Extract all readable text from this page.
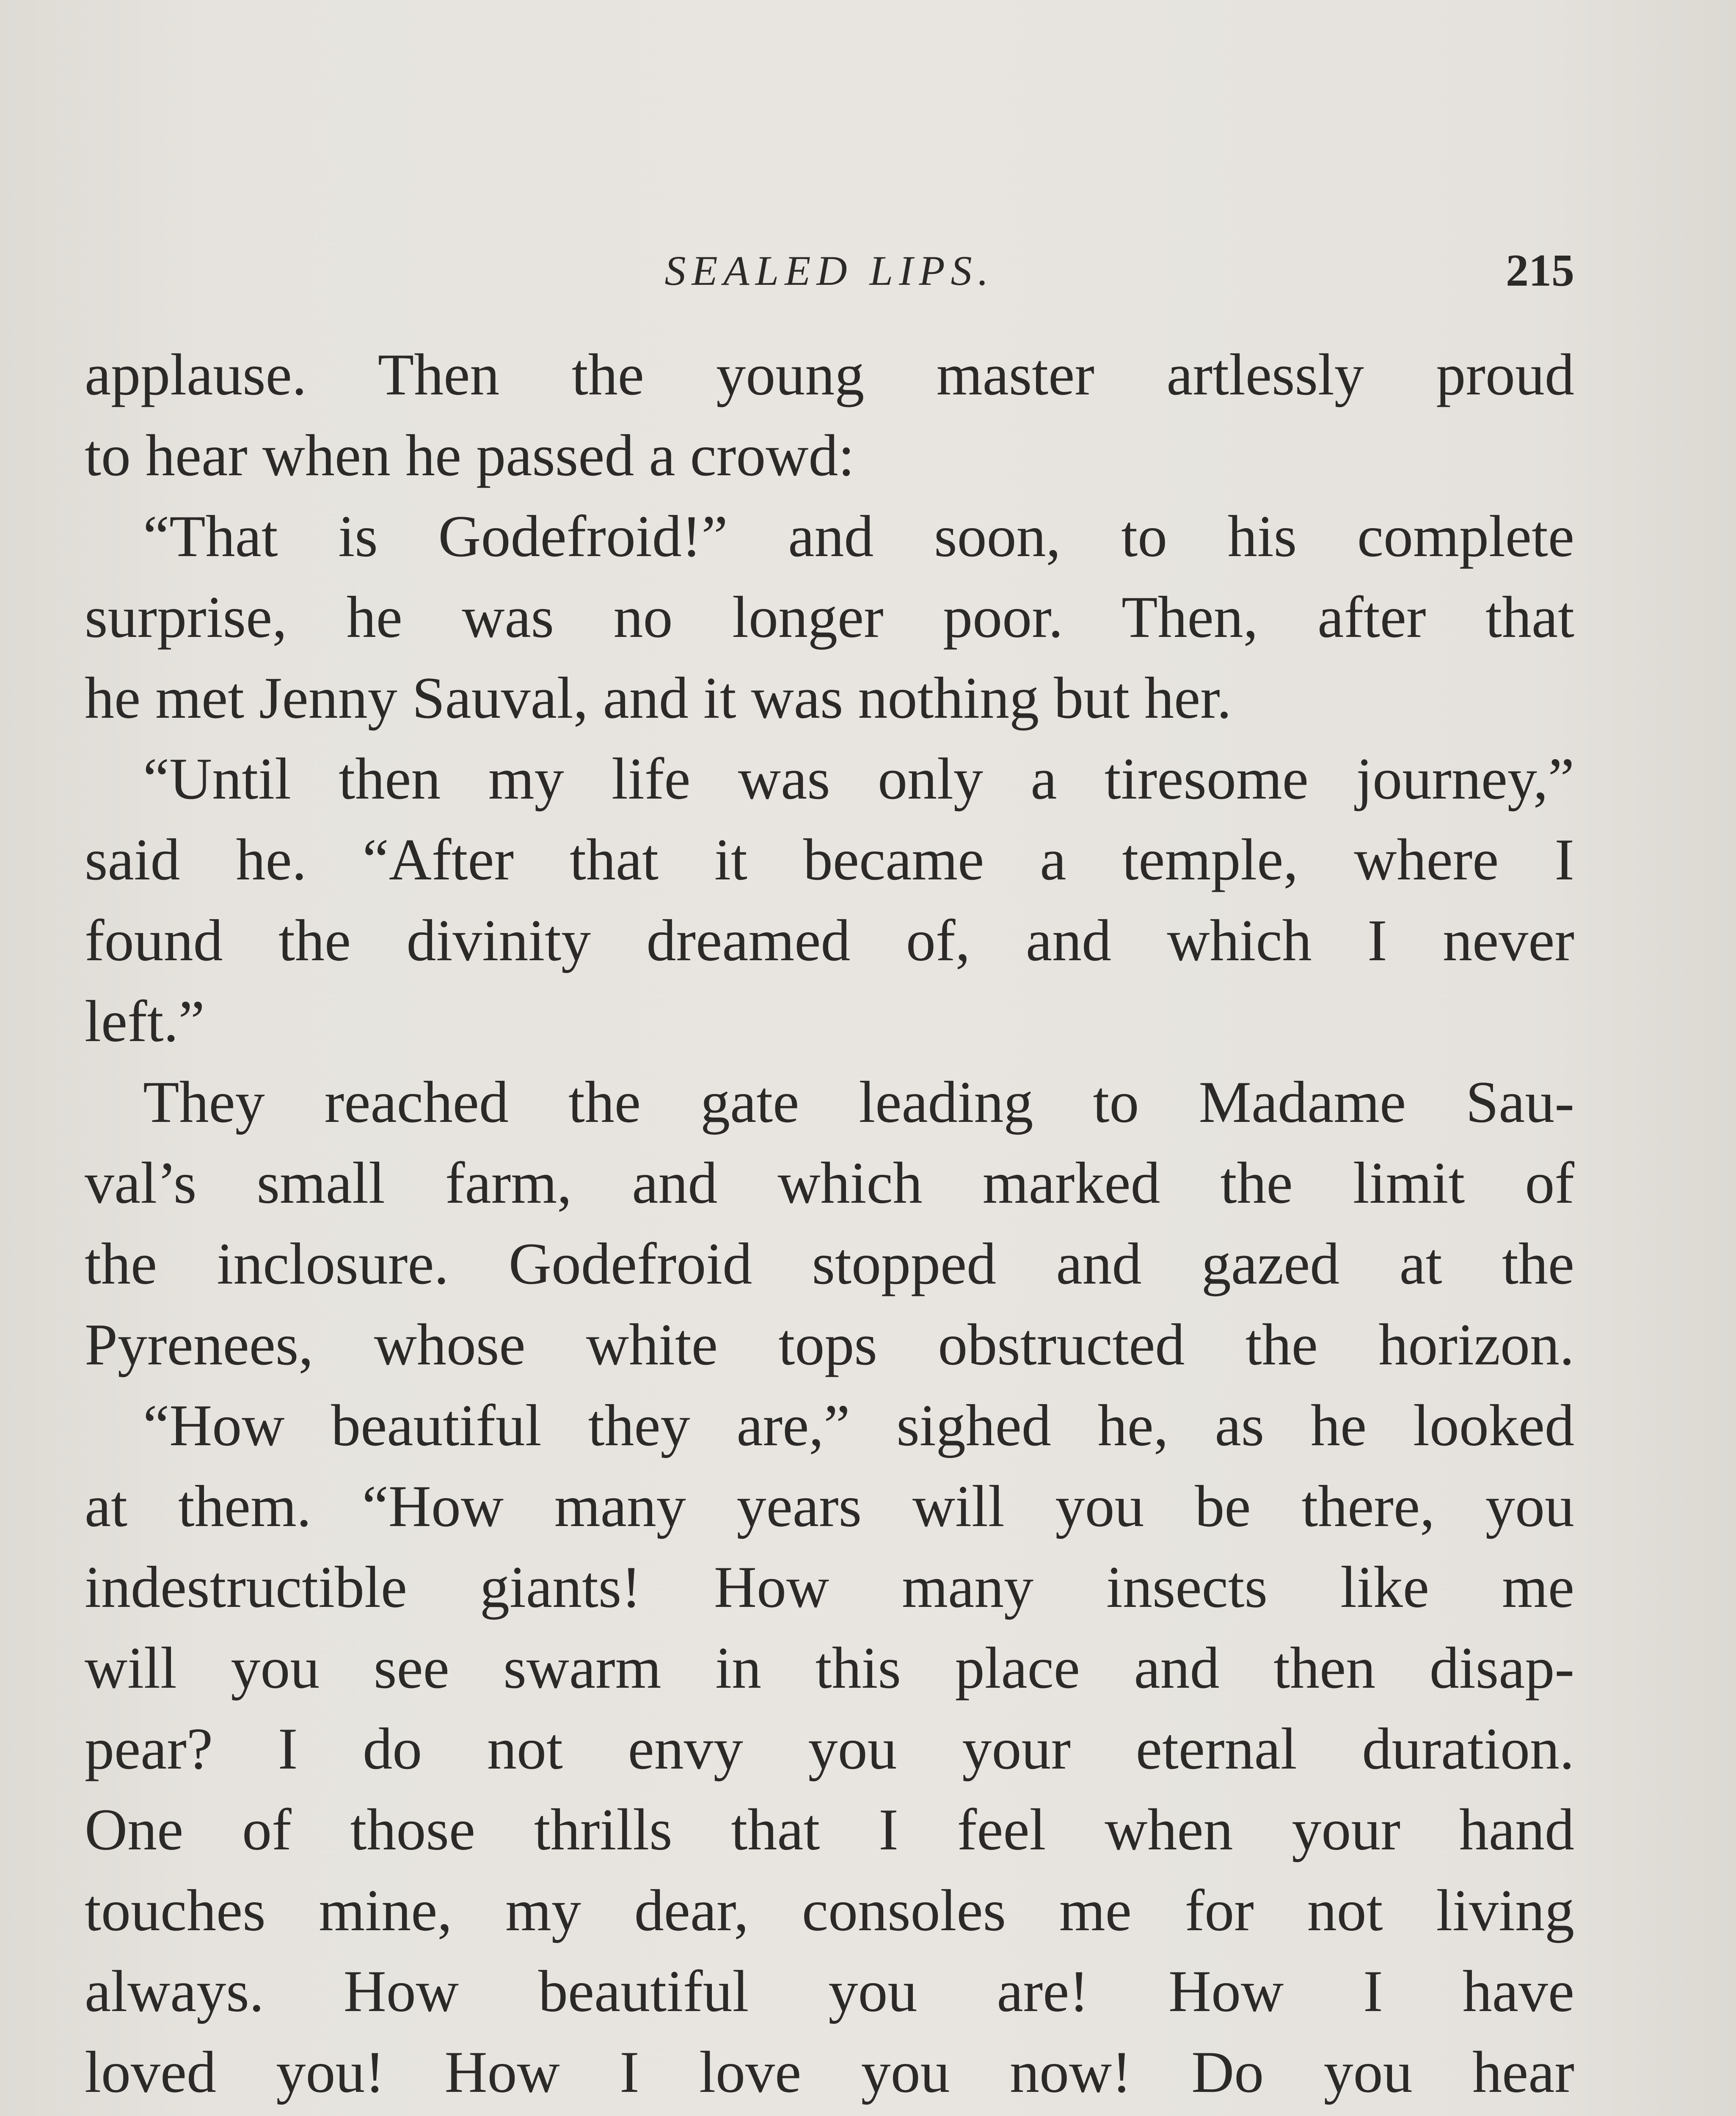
SEALED LIPS.	215
applause. Then the young master artlessly proud
to hear when he passed a crowd:
“That is Godefroid!” and soon, to his complete
surprise, he was no longer poor. Then, after that
he met Jenny Sauval, and it was nothing but her.
“Until then my life was only a tiresome journey,”
said he. “After that it became a temple, where I
found the divinity dreamed of, and which I never
left.”
They reached the gate leading to Madame Sau-
val’s small farm, and which marked the limit of
the inclosure. Godefroid stopped and gazed at the
Pyrenees, whose white tops obstructed the horizon.
“How beautiful they are,” sighed he, as he looked
at them. “How many years will you be there, you
indestructible giants! How many insects like me
will you see swarm in this place and then disap-
pear? I do not envy you your eternal duration.
One of those thrills that I feel when your hand
touches mine, my dear, consoles me for not living
always. How beautiful you are! How I have
loved you! How I love you now! Do you hear
